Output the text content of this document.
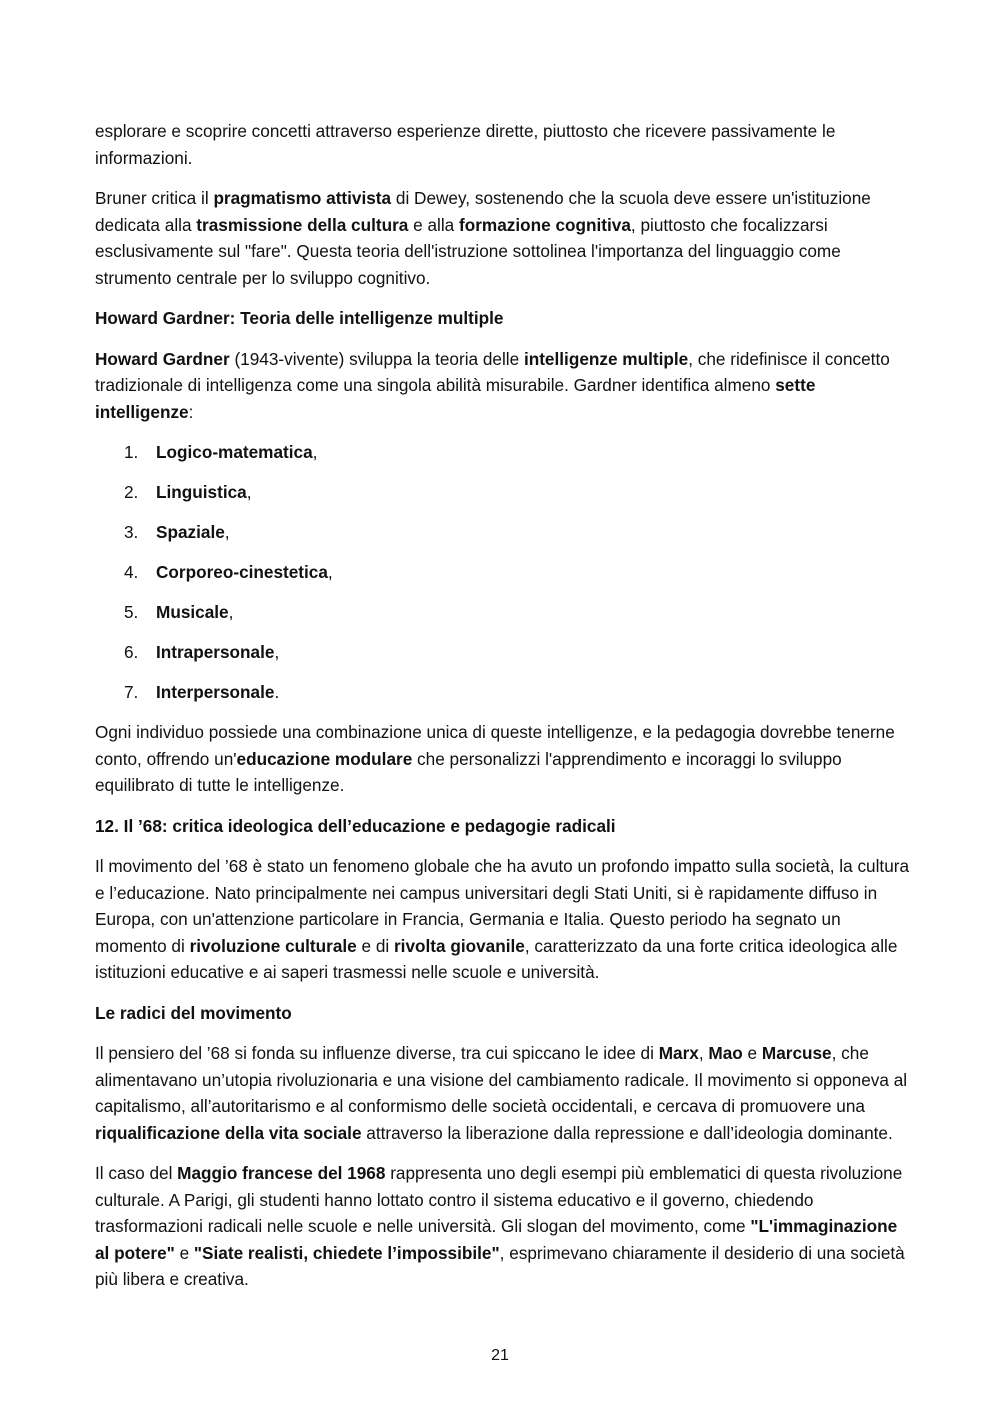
esplorare e scoprire concetti attraverso esperienze dirette, piuttosto che ricevere passivamente le informazioni.

Bruner critica il pragmatismo attivista di Dewey, sostenendo che la scuola deve essere un'istituzione dedicata alla trasmissione della cultura e alla formazione cognitiva, piuttosto che focalizzarsi esclusivamente sul "fare". Questa teoria dell'istruzione sottolinea l'importanza del linguaggio come strumento centrale per lo sviluppo cognitivo.

Howard Gardner: Teoria delle intelligenze multiple

Howard Gardner (1943-vivente) sviluppa la teoria delle intelligenze multiple, che ridefinisce il concetto tradizionale di intelligenza come una singola abilità misurabile. Gardner identifica almeno sette intelligenze:

1. Logico-matematica,
2. Linguistica,
3. Spaziale,
4. Corporeo-cinestetica,
5. Musicale,
6. Intrapersonale,
7. Interpersonale.

Ogni individuo possiede una combinazione unica di queste intelligenze, e la pedagogia dovrebbe tenerne conto, offrendo un'educazione modulare che personalizzi l'apprendimento e incoraggi lo sviluppo equilibrato di tutte le intelligenze.

12. Il ’68: critica ideologica dell’educazione e pedagogie radicali

Il movimento del ’68 è stato un fenomeno globale che ha avuto un profondo impatto sulla società, la cultura e l’educazione. Nato principalmente nei campus universitari degli Stati Uniti, si è rapidamente diffuso in Europa, con un'attenzione particolare in Francia, Germania e Italia. Questo periodo ha segnato un momento di rivoluzione culturale e di rivolta giovanile, caratterizzato da una forte critica ideologica alle istituzioni educative e ai saperi trasmessi nelle scuole e università.

Le radici del movimento

Il pensiero del ’68 si fonda su influenze diverse, tra cui spiccano le idee di Marx, Mao e Marcuse, che alimentavano un’utopia rivoluzionaria e una visione del cambiamento radicale. Il movimento si opponeva al capitalismo, all’autoritarismo e al conformismo delle società occidentali, e cercava di promuovere una riqualificazione della vita sociale attraverso la liberazione dalla repressione e dall’ideologia dominante.

Il caso del Maggio francese del 1968 rappresenta uno degli esempi più emblematici di questa rivoluzione culturale. A Parigi, gli studenti hanno lottato contro il sistema educativo e il governo, chiedendo trasformazioni radicali nelle scuole e nelle università. Gli slogan del movimento, come "L'immaginazione al potere" e "Siate realisti, chiedete l’impossibile", esprimevano chiaramente il desiderio di una società più libera e creativa.

21
